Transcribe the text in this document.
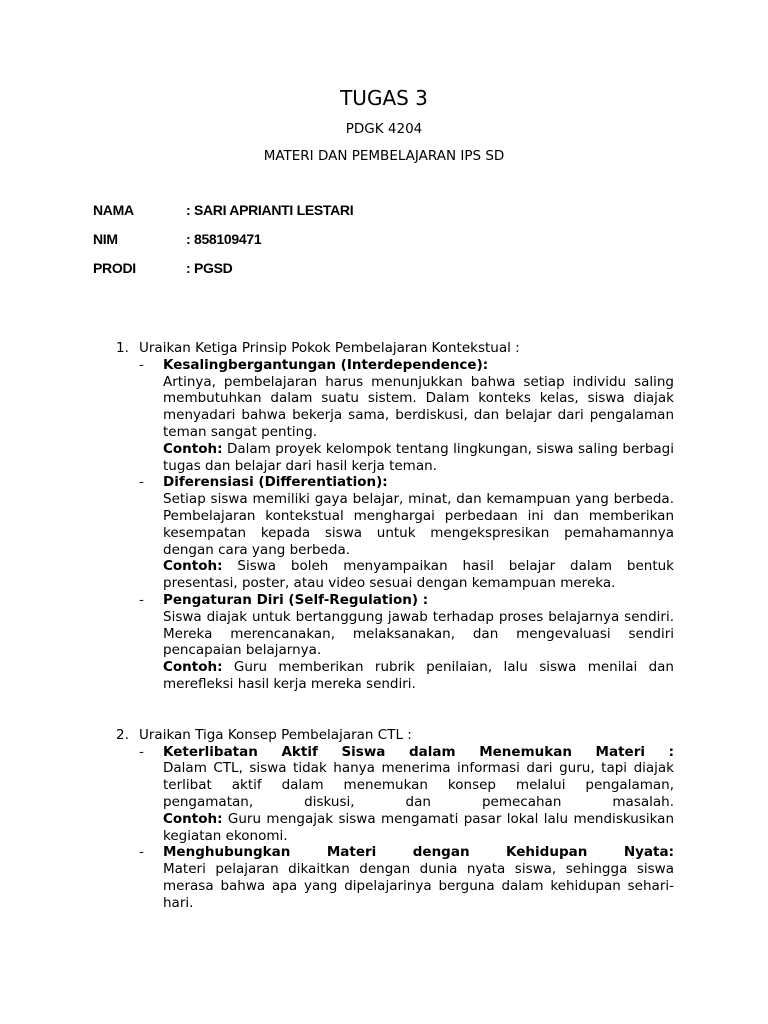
TUGAS 3
PDGK 4204
MATERI DAN PEMBELAJARAN IPS SD
NAMA	: SARI APRIANTI LESTARI
NIM	: 858109471
PRODI	: PGSD
1. Uraikan Ketiga Prinsip Pokok Pembelajaran Kontekstual :
- Kesalingbergantungan (Interdependence):
Artinya, pembelajaran harus menunjukkan bahwa setiap individu saling membutuhkan dalam suatu sistem. Dalam konteks kelas, siswa diajak menyadari bahwa bekerja sama, berdiskusi, dan belajar dari pengalaman teman sangat penting.
Contoh: Dalam proyek kelompok tentang lingkungan, siswa saling berbagi tugas dan belajar dari hasil kerja teman.
- Diferensiasi (Differentiation):
Setiap siswa memiliki gaya belajar, minat, dan kemampuan yang berbeda. Pembelajaran kontekstual menghargai perbedaan ini dan memberikan kesempatan kepada siswa untuk mengekspresikan pemahamannya dengan cara yang berbeda.
Contoh: Siswa boleh menyampaikan hasil belajar dalam bentuk presentasi, poster, atau video sesuai dengan kemampuan mereka.
- Pengaturan Diri (Self-Regulation) :
Siswa diajak untuk bertanggung jawab terhadap proses belajarnya sendiri. Mereka merencanakan, melaksanakan, dan mengevaluasi sendiri pencapaian belajarnya.
Contoh: Guru memberikan rubrik penilaian, lalu siswa menilai dan merefleksi hasil kerja mereka sendiri.
2. Uraikan Tiga Konsep Pembelajaran CTL :
- Keterlibatan Aktif Siswa dalam Menemukan Materi :
Dalam CTL, siswa tidak hanya menerima informasi dari guru, tapi diajak terlibat aktif dalam menemukan konsep melalui pengalaman, pengamatan, diskusi, dan pemecahan masalah.
Contoh: Guru mengajak siswa mengamati pasar lokal lalu mendiskusikan kegiatan ekonomi.
- Menghubungkan Materi dengan Kehidupan Nyata:
Materi pelajaran dikaitkan dengan dunia nyata siswa, sehingga siswa merasa bahwa apa yang dipelajarinya berguna dalam kehidupan sehari-hari.
